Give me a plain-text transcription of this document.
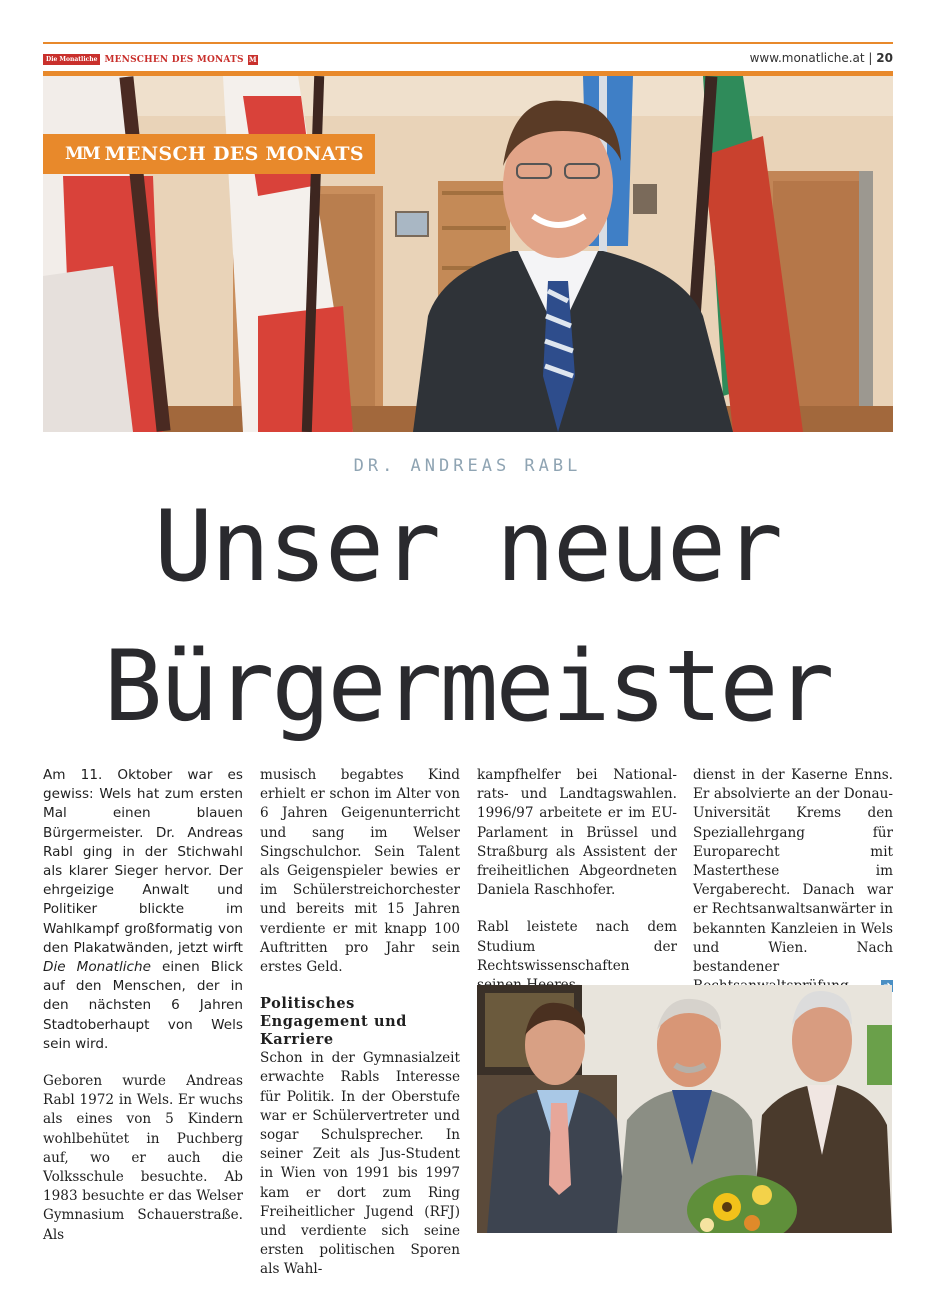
Die Monatliche MENSCHEN DES MONATS M	www.monatliche.at | 20
MM MENSCH DES MONATS
DR. ANDREAS RABL
Unser neuer
Bürgermeister

Am 11. Oktober war es gewiss: Wels hat zum ersten Mal einen blauen Bürgermeister. Dr. Andreas Rabl ging in der Stichwahl als klarer Sieger hervor. Der ehrgeizige Anwalt und Politiker blickte im Wahlkampf großformatig von den Plakatwänden, jetzt wirft Die Monatliche einen Blick auf den Menschen, der in den nächsten 6 Jahren Stadtoberhaupt von Wels sein wird.

Geboren wurde Andreas Rabl 1972 in Wels. Er wuchs als eines von 5 Kindern wohlbehütet in Puchberg auf, wo er auch die Volksschule besuchte. Ab 1983 besuchte er das Welser Gymnasium Schauerstraße. Als

musisch begabtes Kind erhielt er schon im Alter von 6 Jahren Geigenunterricht und sang im Welser Singschulchor. Sein Talent als Geigenspieler bewies er im Schülerstreichorchester und bereits mit 15 Jahren verdiente er mit knapp 100 Auftritten pro Jahr sein erstes Geld.

Politisches Engagement und Karriere

Schon in der Gymnasialzeit erwachte Rabls Interesse für Politik. In der Oberstufe war er Schülervertreter und sogar Schulsprecher. In seiner Zeit als Jus-Student in Wien von 1991 bis 1997 kam er dort zum Ring Freiheitlicher Jugend (RFJ) und verdiente sich seine ersten politischen Sporen als Wahl-

kampfhelfer bei National- rats- und Landtagswahlen. 1996/97 arbeitete er im EU-Parlament in Brüssel und Straßburg als Assistent der freiheitlichen Abgeordneten Daniela Raschhofer.

Rabl leistete nach dem Studium der Rechtswissenschaften

dienst in der Kaserne Enns. Er absolvierte an der Donau-Universität Krems den Speziallehrgang für Europarecht mit Masterthese im Vergaberecht. Danach war er Rechtsanwaltsanwärter in bekannten Kanzleien in Wels und Wien. Nach bestandener
